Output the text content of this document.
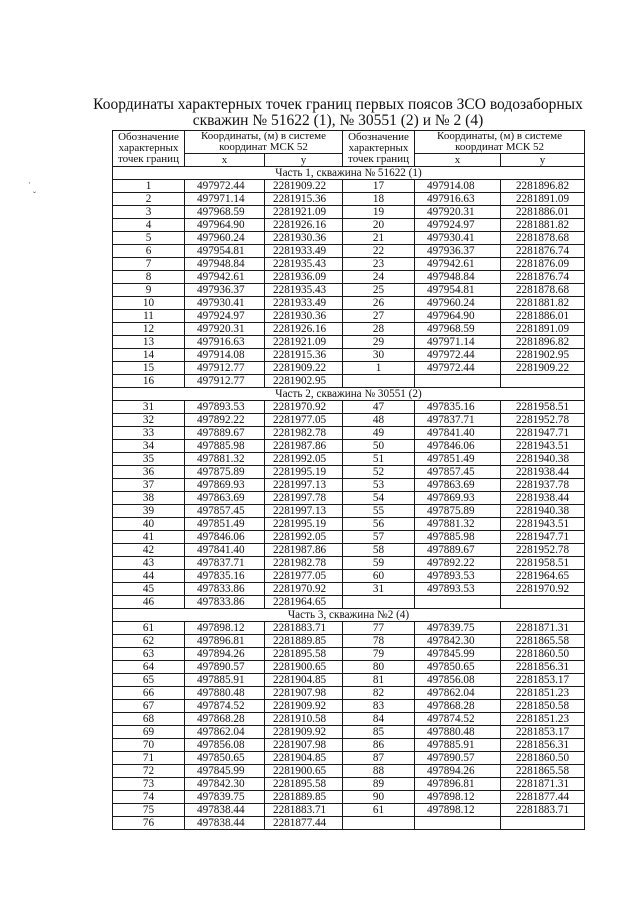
·
ˇ
Координаты характерных точек границ первых поясов ЗСО водозаборных
скважин № 51622 (1), № 30551 (2) и № 2 (4)
Обозначение характерных точек границ	Координаты, (м) в системе координат МСК 52		Обозначение характерных точек границ	Координаты, (м) в системе координат МСК 52	
	x	y		x	y
Часть 1, скважина № 51622 (1)					
1	497972.44	2281909.22	17	497914.08	2281896.82
2	497971.14	2281915.36	18	497916.63	2281891.09
3	497968.59	2281921.09	19	497920.31	2281886.01
4	497964.90	2281926.16	20	497924.97	2281881.82
5	497960.24	2281930.36	21	497930.41	2281878.68
6	497954.81	2281933.49	22	497936.37	2281876.74
7	497948.84	2281935.43	23	497942.61	2281876.09
8	497942.61	2281936.09	24	497948.84	2281876.74
9	497936.37	2281935.43	25	497954.81	2281878.68
10	497930.41	2281933.49	26	497960.24	2281881.82
11	497924.97	2281930.36	27	497964.90	2281886.01
12	497920.31	2281926.16	28	497968.59	2281891.09
13	497916.63	2281921.09	29	497971.14	2281896.82
14	497914.08	2281915.36	30	497972.44	2281902.95
15	497912.77	2281909.22	1	497972.44	2281909.22
16	497912.77	2281902.95			
Часть 2, скважина № 30551 (2)					
31	497893.53	2281970.92	47	497835.16	2281958.51
32	497892.22	2281977.05	48	497837.71	2281952.78
33	497889.67	2281982.78	49	497841.40	2281947.71
34	497885.98	2281987.86	50	497846.06	2281943.51
35	497881.32	2281992.05	51	497851.49	2281940.38
36	497875.89	2281995.19	52	497857.45	2281938.44
37	497869.93	2281997.13	53	497863.69	2281937.78
38	497863.69	2281997.78	54	497869.93	2281938.44
39	497857.45	2281997.13	55	497875.89	2281940.38
40	497851.49	2281995.19	56	497881.32	2281943.51
41	497846.06	2281992.05	57	497885.98	2281947.71
42	497841.40	2281987.86	58	497889.67	2281952.78
43	497837.71	2281982.78	59	497892.22	2281958.51
44	497835.16	2281977.05	60	497893.53	2281964.65
45	497833.86	2281970.92	31	497893.53	2281970.92
46	497833.86	2281964.65			
Часть 3, скважина №2 (4)					
61	497898.12	2281883.71	77	497839.75	2281871.31
62	497896.81	2281889.85	78	497842.30	2281865.58
63	497894.26	2281895.58	79	497845.99	2281860.50
64	497890.57	2281900.65	80	497850.65	2281856.31
65	497885.91	2281904.85	81	497856.08	2281853.17
66	497880.48	2281907.98	82	497862.04	2281851.23
67	497874.52	2281909.92	83	497868.28	2281850.58
68	497868.28	2281910.58	84	497874.52	2281851.23
69	497862.04	2281909.92	85	497880.48	2281853.17
70	497856.08	2281907.98	86	497885.91	2281856.31
71	497850.65	2281904.85	87	497890.57	2281860.50
72	497845.99	2281900.65	88	497894.26	2281865.58
73	497842.30	2281895.58	89	497896.81	2281871.31
74	497839.75	2281889.85	90	497898.12	2281877.44
75	497838.44	2281883.71	61	497898.12	2281883.71
76	497838.44	2281877.44			
